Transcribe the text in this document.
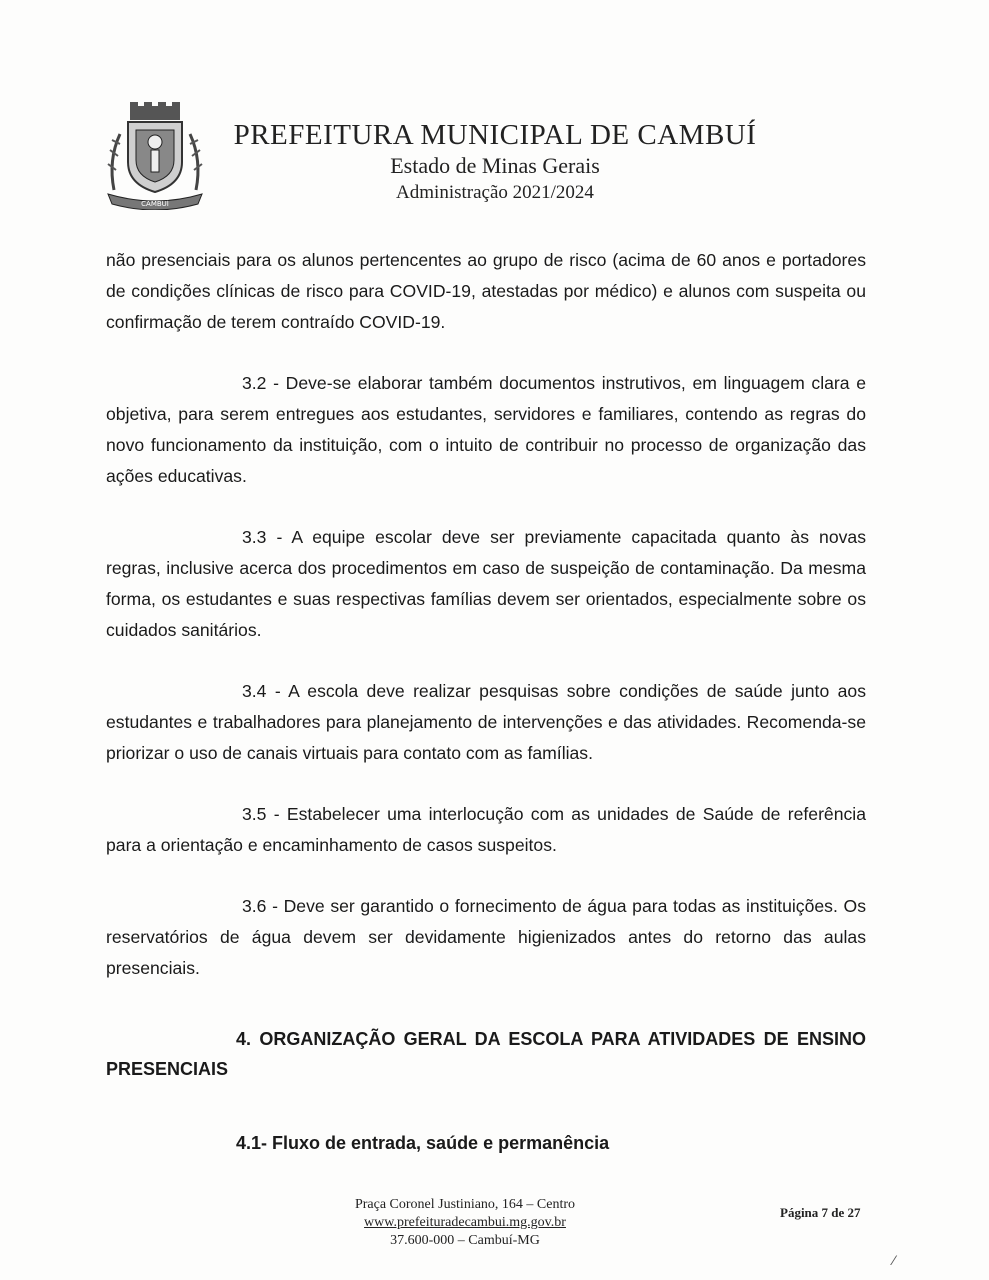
CAMBUÍ
PREFEITURA MUNICIPAL DE CAMBUÍ
Estado de Minas Gerais
Administração 2021/2024

não presenciais para os alunos pertencentes ao grupo de risco (acima de 60 anos e portadores de condições clínicas de risco para COVID-19, atestadas por médico) e alunos com suspeita ou confirmação de terem contraído COVID-19.

3.2 - Deve-se elaborar também documentos instrutivos, em linguagem clara e objetiva, para serem entregues aos estudantes, servidores e familiares, contendo as regras do novo funcionamento da instituição, com o intuito de contribuir no processo de organização das ações educativas.

3.3 - A equipe escolar deve ser previamente capacitada quanto às novas regras, inclusive acerca dos procedimentos em caso de suspeição de contaminação. Da mesma forma, os estudantes e suas respectivas famílias devem ser orientados, especialmente sobre os cuidados sanitários.

3.4 - A escola deve realizar pesquisas sobre condições de saúde junto aos estudantes e trabalhadores para planejamento de intervenções e das atividades. Recomenda-se priorizar o uso de canais virtuais para contato com as famílias.

3.5 - Estabelecer uma interlocução com as unidades de Saúde de referência para a orientação e encaminhamento de casos suspeitos.

3.6 - Deve ser garantido o fornecimento de água para todas as instituições. Os reservatórios de água devem ser devidamente higienizados antes do retorno das aulas presenciais.

4. ORGANIZAÇÃO GERAL DA ESCOLA PARA ATIVIDADES DE ENSINO PRESENCIAIS
4.1- Fluxo de entrada, saúde e permanência
Praça Coronel Justiniano, 164 – Centro
www.prefeituradecambui.mg.gov.br
37.600-000 – Cambuí-MG
Página 7 de 27
⁄
